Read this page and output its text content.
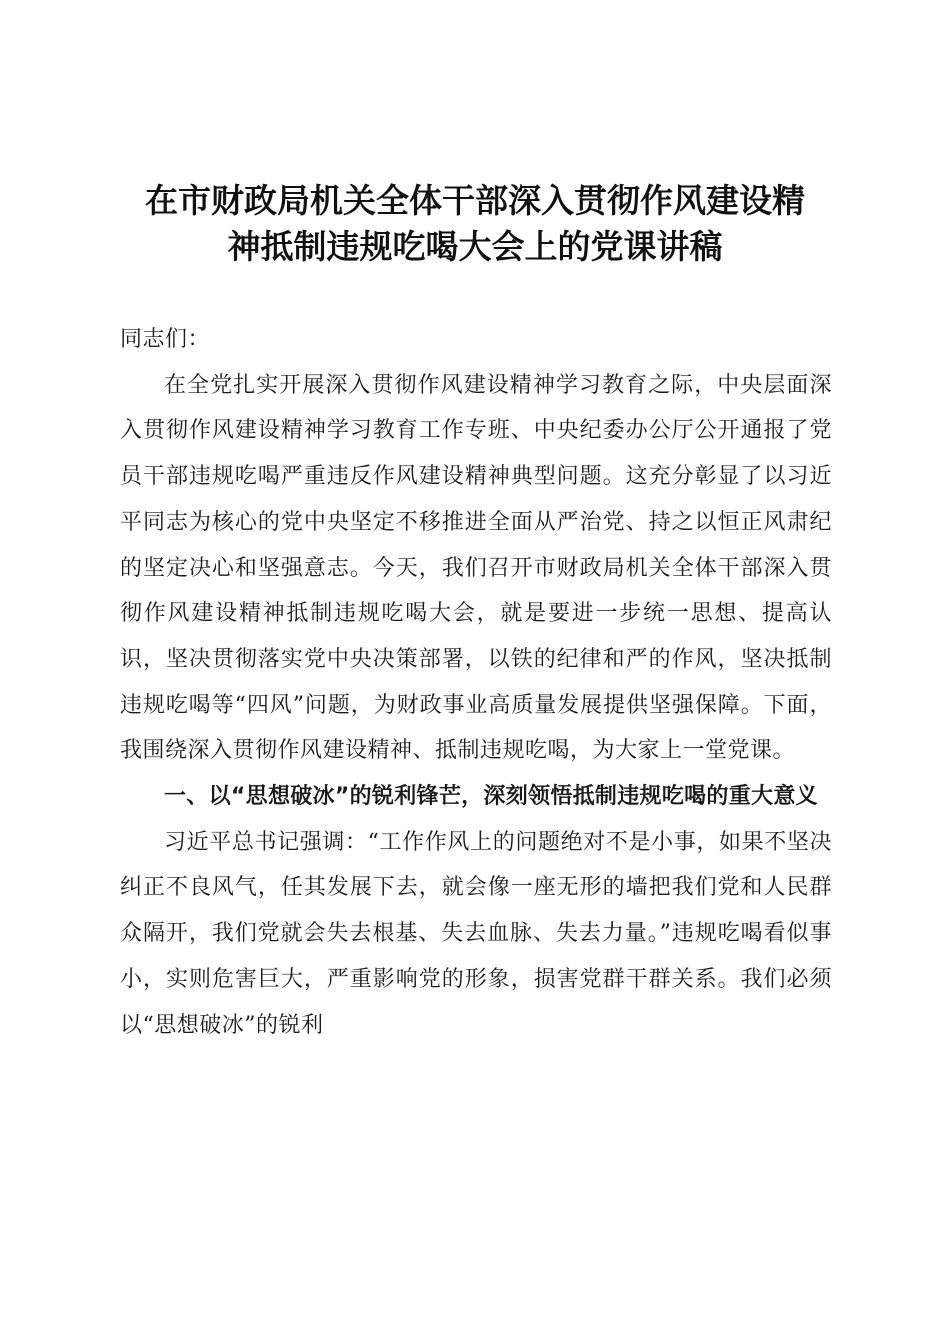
在市财政局机关全体干部深入贯彻作风建设精
神抵制违规吃喝大会上的党课讲稿

同志们：

在全党扎实开展深入贯彻作风建设精神学习教育之际，中央层面深入贯彻作风建设精神学习教育工作专班、中央纪委办公厅公开通报了党员干部违规吃喝严重违反作风建设精神典型问题。这充分彰显了以习近平同志为核心的党中央坚定不移推进全面从严治党、持之以恒正风肃纪的坚定决心和坚强意志。今天，我们召开市财政局机关全体干部深入贯彻作风建设精神抵制违规吃喝大会，就是要进一步统一思想、提高认识，坚决贯彻落实党中央决策部署，以铁的纪律和严的作风，坚决抵制违规吃喝等“四风”问题，为财政事业高质量发展提供坚强保障。下面，我围绕深入贯彻作风建设精神、抵制违规吃喝，为大家上一堂党课。

一、以“思想破冰”的锐利锋芒，深刻领悟抵制违规吃喝的重大意义

习近平总书记强调：“工作作风上的问题绝对不是小事，如果不坚决纠正不良风气，任其发展下去，就会像一座无形的墙把我们党和人民群众隔开，我们党就会失去根基、失去血脉、失去力量。”违规吃喝看似事小，实则危害巨大，严重影响党的形象，损害党群干群关系。我们必须以“思想破冰”的锐利
